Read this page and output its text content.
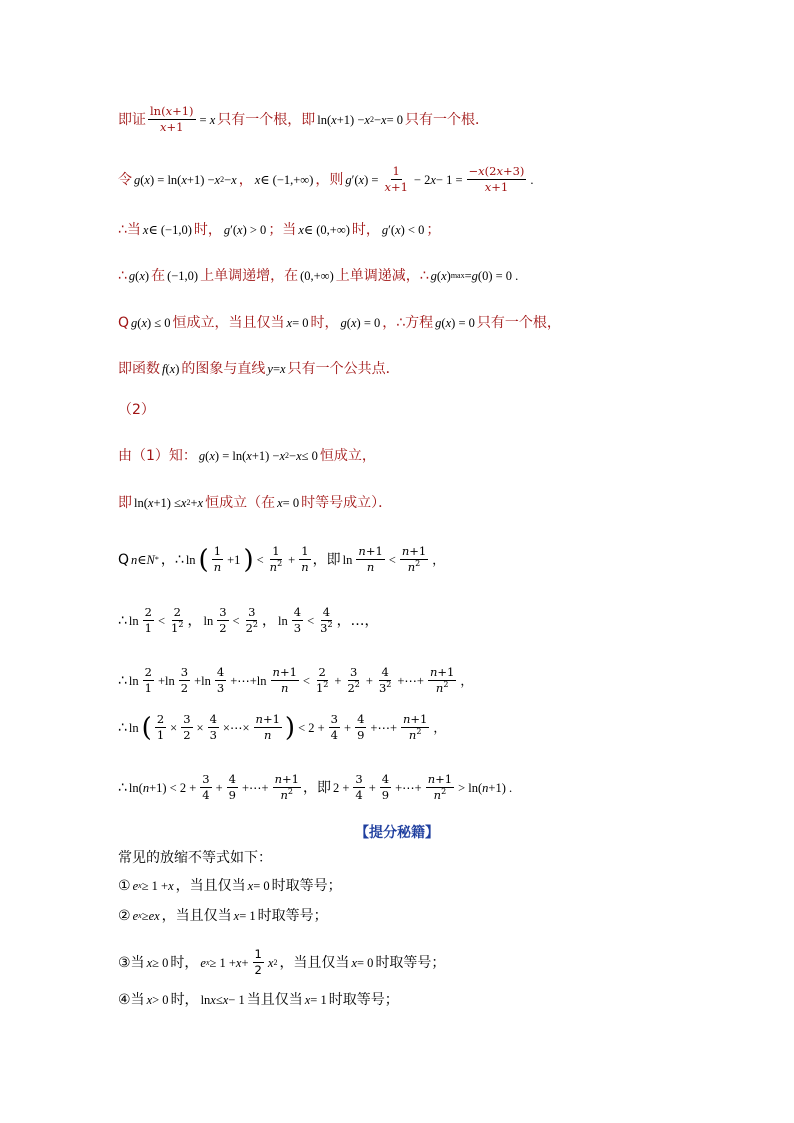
即证 $\frac{\ln(x+1)}{x+1} = x$ 只有一个根，即 ln( x +1) − x 2 − x = 0 只有一个根．
令 g ( x ) = ln( x +1) − x 2 − x ， x ∈ (−1,+∞) ，则 g ′( x ) = $\frac{1}{x+1} - 2$ $x - 1 = \frac{-x(2x+3)}{x+1}$ .
∴当 x ∈ (−1,0) 时， g ′( x ) > 0 ；当 x ∈ (0,+∞) 时， g ′( x ) < 0 ；
∴ g ( x ) 在 (−1,0) 上单调递增，在 (0,+∞) 上单调递减，∴ g ( x ) max = g (0) = 0 .
Q g ( x ) ≤ 0 恒成立，当且仅当 x = 0 时， g ( x ) = 0 ，∴方程 g ( x ) = 0 只有一个根，
即函数 f ( x ) 的图象与直线 y = x 只有一个公共点．
（2）
由（1）知： g ( x ) = ln( x +1) − x 2 − x ≤ 0 恒成立，
即 ln( x +1) ≤ x 2 + x 恒成立（在 x = 0 时等号成立）．
Q n ∈ N * ，∴ ln ( $\frac{1}{n} +1$ ) < $\frac{1}{n^2} + \frac{1}{n}$ ，即 $\ln \frac{n+1}{n} < \frac{n+1}{n^2}$ ，
∴ $\ln \frac{2}{1} < \frac{2}{1^2}$ ， $\ln \frac{3}{2} < \frac{3}{2^2}$ ， $\ln \frac{4}{3} < \frac{4}{3^2}$ ，…，
∴ $\ln \frac{2}{1} +\ln \frac{3}{2} +\ln \frac{4}{3}$ +⋯+ln $\frac{n+1}{n} < \frac{2}{1^2} + \frac{3}{2^2} + \frac{4}{3^2}$ +⋯+ $\frac{n+1}{n^2}$ ，
∴ ln ( $\frac{2}{1} \times \frac{3}{2} \times \frac{4}{3}$ ×⋯× $\frac{n+1}{n}$ ) < $2 + \frac{3}{4} + \frac{4}{9}$ +⋯+ $\frac{n+1}{n^2}$ ，
∴ ln( $n +1) < 2 + \frac{3}{4} + \frac{4}{9}$ +⋯+ $\frac{n+1}{n^2}$ ，即 $2 + \frac{3}{4} + \frac{4}{9}$ +⋯+ $\frac{n+1}{n^2} > \ln$( n +1) .
【提分秘籍】
常见的放缩不等式如下：
① e x ≥ 1 + x ，当且仅当 x = 0 时取等号；
② e x ≥ ex ，当且仅当 x = 1 时取等号；
③当 x ≥ 0 时， e $x \ge 1 + x + \frac{1}{2}$ x 2 ，当且仅当 x = 0 时取等号；
④当 x > 0 时， ln x ≤ x − 1 当且仅当 x = 1 时取等号；
